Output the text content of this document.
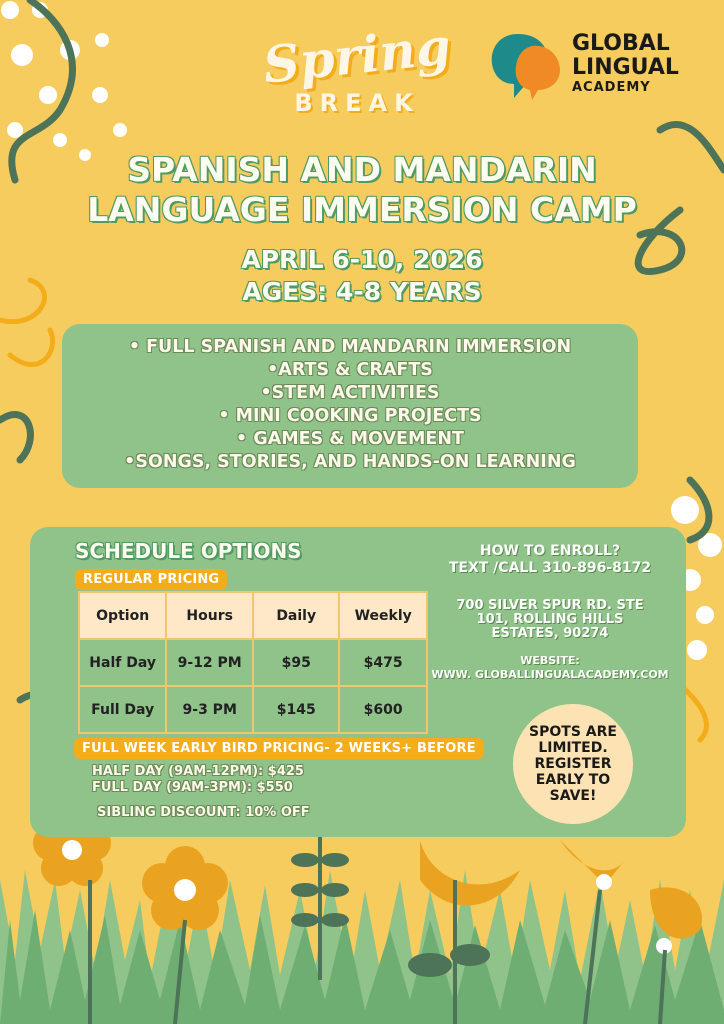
Spring
BREAK
GLOBAL
LINGUAL
ACADEMY
SPANISH AND MANDARIN
LANGUAGE IMMERSION CAMP
APRIL 6-10, 2026
AGES: 4-8 YEARS
• FULL SPANISH AND MANDARIN IMMERSION
•ARTS & CRAFTS
•STEM ACTIVITIES
• MINI COOKING PROJECTS
• GAMES & MOVEMENT
•SONGS, STORIES, AND HANDS-ON LEARNING
SCHEDULE OPTIONS
REGULAR PRICING
Option	Hours	Daily	Weekly
Half Day	9-12 PM	$95	$475
Full Day	9-3 PM	$145	$600
FULL WEEK EARLY BIRD PRICING- 2 WEEKS+ BEFORE
HALF DAY (9AM-12PM): $425
FULL DAY (9AM-3PM): $550
SIBLING DISCOUNT: 10% OFF
HOW TO ENROLL?
TEXT /CALL 310-896-8172
700 SILVER SPUR RD. STE
101, ROLLING HILLS
ESTATES, 90274
WEBSITE:
WWW. GLOBALLINGUALACADEMY.COM
SPOTS ARE
LIMITED.
REGISTER
EARLY TO
SAVE!
